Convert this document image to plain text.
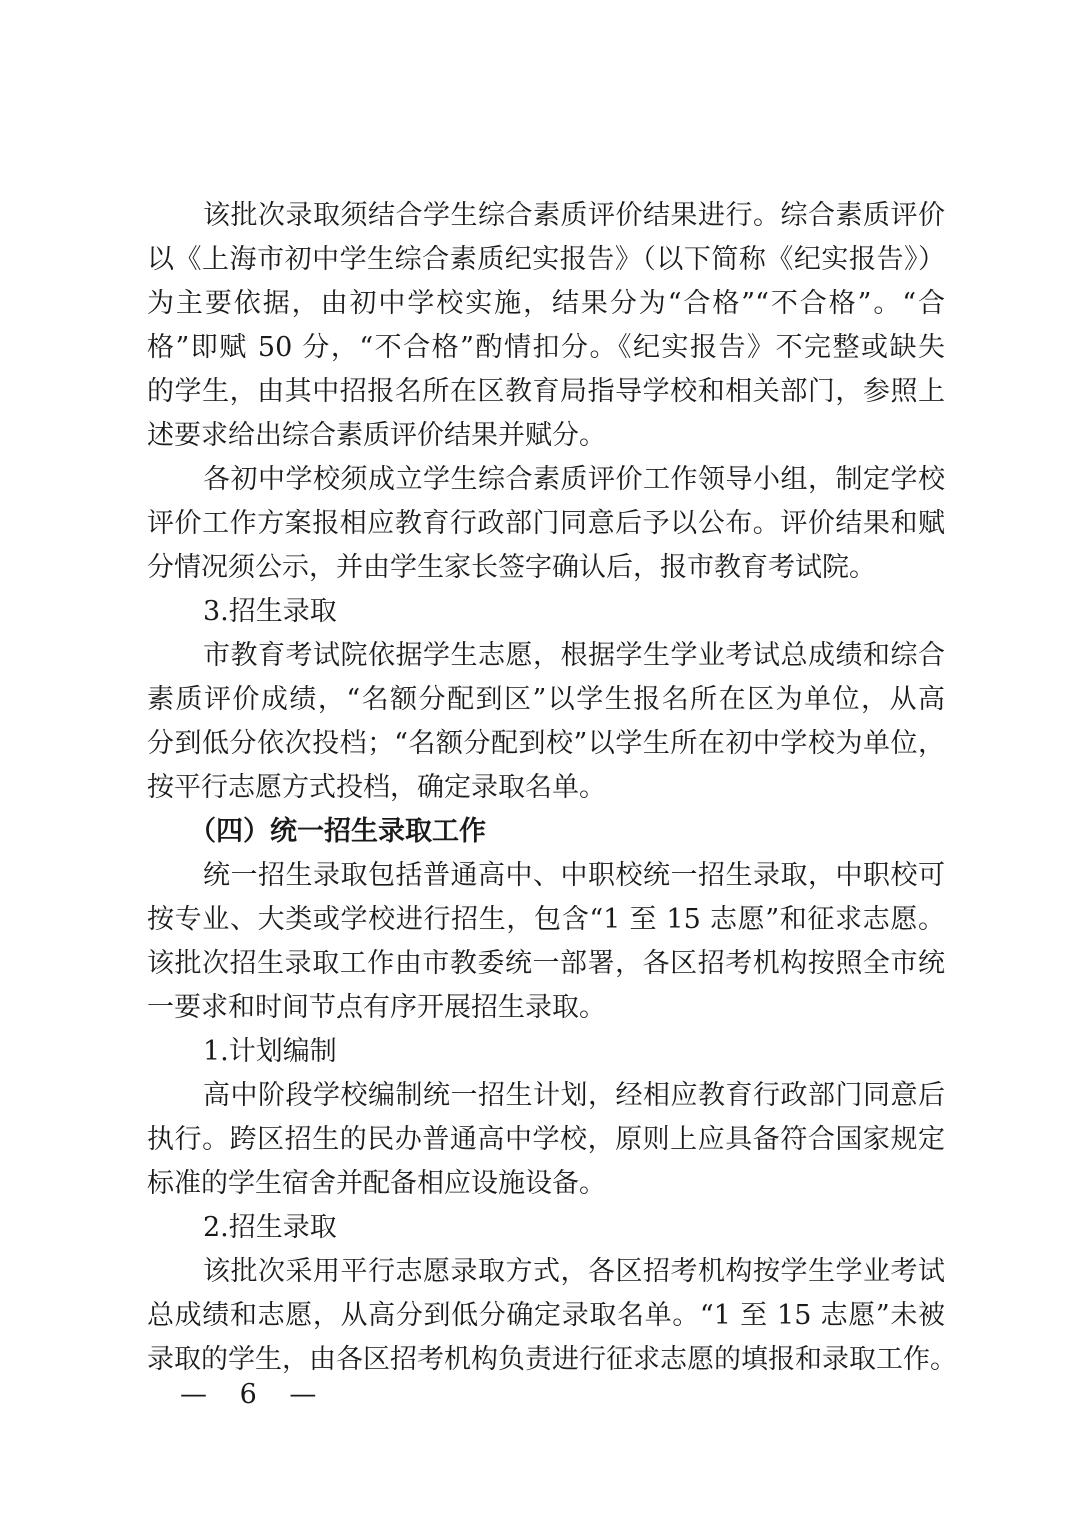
该批次录取须结合学生综合素质评价结果进行。综合素质评价
以《上海市初中学生综合素质纪实报告》（以下简称《纪实报告》）
为主要依据，由初中学校实施，结果分为“合格”“不合格”。“合
格”即赋 50 分，“不合格”酌情扣分。《纪实报告》不完整或缺失
的学生，由其中招报名所在区教育局指导学校和相关部门，参照上
述要求给出综合素质评价结果并赋分。
各初中学校须成立学生综合素质评价工作领导小组，制定学校
评价工作方案报相应教育行政部门同意后予以公布。评价结果和赋
分情况须公示，并由学生家长签字确认后，报市教育考试院。
3.招生录取
市教育考试院依据学生志愿，根据学生学业考试总成绩和综合
素质评价成绩，“名额分配到区”以学生报名所在区为单位，从高
分到低分依次投档；“名额分配到校”以学生所在初中学校为单位，
按平行志愿方式投档，确定录取名单。
（四）统一招生录取工作
统一招生录取包括普通高中、中职校统一招生录取，中职校可
按专业、大类或学校进行招生，包含“1 至 15 志愿”和征求志愿。
该批次招生录取工作由市教委统一部署，各区招考机构按照全市统
一要求和时间节点有序开展招生录取。
1.计划编制
高中阶段学校编制统一招生计划，经相应教育行政部门同意后
执行。跨区招生的民办普通高中学校，原则上应具备符合国家规定
标准的学生宿舍并配备相应设施设备。
2.招生录取
该批次采用平行志愿录取方式，各区招考机构按学生学业考试
总成绩和志愿，从高分到低分确定录取名单。“1 至 15 志愿”未被
录取的学生，由各区招考机构负责进行征求志愿的填报和录取工作。
— 6 —
